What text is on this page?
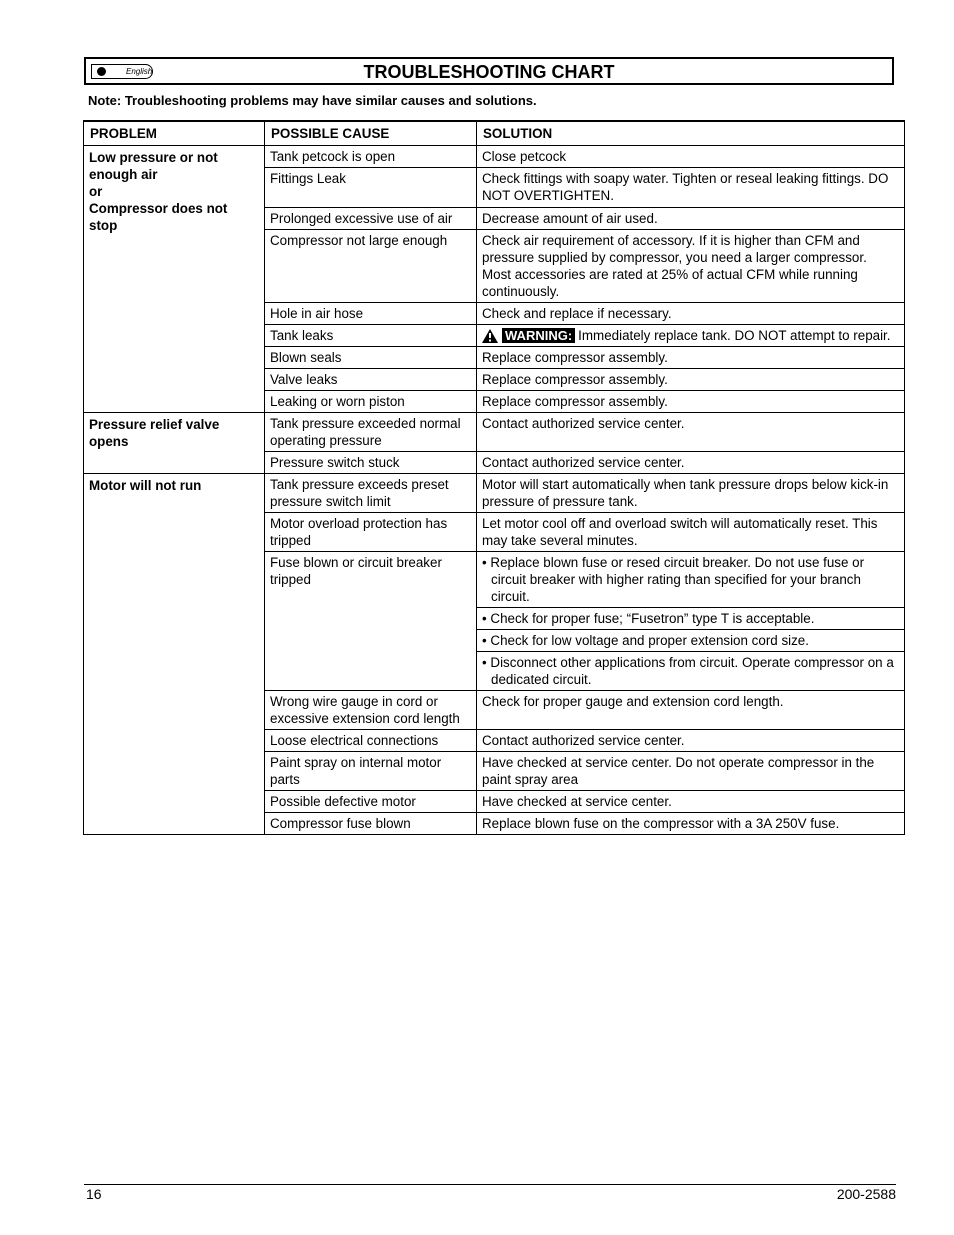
English	TROUBLESHOOTING CHART
Note: Troubleshooting problems may have similar causes and solutions.
PROBLEM	POSSIBLE CAUSE	SOLUTION

Low pressure or not enough air
or
Compressor does not stop	Tank petcock is open	Close petcock
	Fittings Leak	Check fittings with soapy water. Tighten or reseal leaking fittings. DO NOT OVERTIGHTEN.
	Prolonged excessive use of air	Decrease amount of air used.
	Compressor not large enough	Check air requirement of accessory. If it is higher than CFM and pressure supplied by compressor, you need a larger compressor. Most accessories are rated at 25% of actual CFM while running continuously.
	Hole in air hose	Check and replace if necessary.
	Tank leaks	WARNING: Immediately replace tank. DO NOT attempt to repair.

	Blown seals	Replace compressor assembly.
	Valve leaks	Replace compressor assembly.
	Leaking or worn piston	Replace compressor assembly.
Pressure relief valve opens	Tank pressure exceeded normal operating pressure	Contact authorized service center.
	Pressure switch stuck	Contact authorized service center.
Motor will not run	Tank pressure exceeds preset pressure switch limit	Motor will start automatically when tank pressure drops below kick-in pressure of pressure tank.
	Motor overload protection has tripped	Let motor cool off and overload switch will automatically reset. This may take several minutes.
	Fuse blown or circuit breaker tripped	• Replace blown fuse or resed circuit breaker. Do not use fuse or circuit breaker with higher rating than specified for your branch circuit.

		• Check for proper fuse; “Fusetron” type T is acceptable.

		• Check for low voltage and proper extension cord size.

		• Disconnect other applications from circuit. Operate compressor on a dedicated circuit.

	Wrong wire gauge in cord or excessive extension cord length	Check for proper gauge and extension cord length.
	Loose electrical connections	Contact authorized service center.
	Paint spray on internal motor parts	Have checked at service center. Do not operate compressor in the paint spray area
	Possible defective motor	Have checked at service center.
	Compressor fuse blown	Replace blown fuse on the compressor with a 3A 250V fuse.
16	200-2588
